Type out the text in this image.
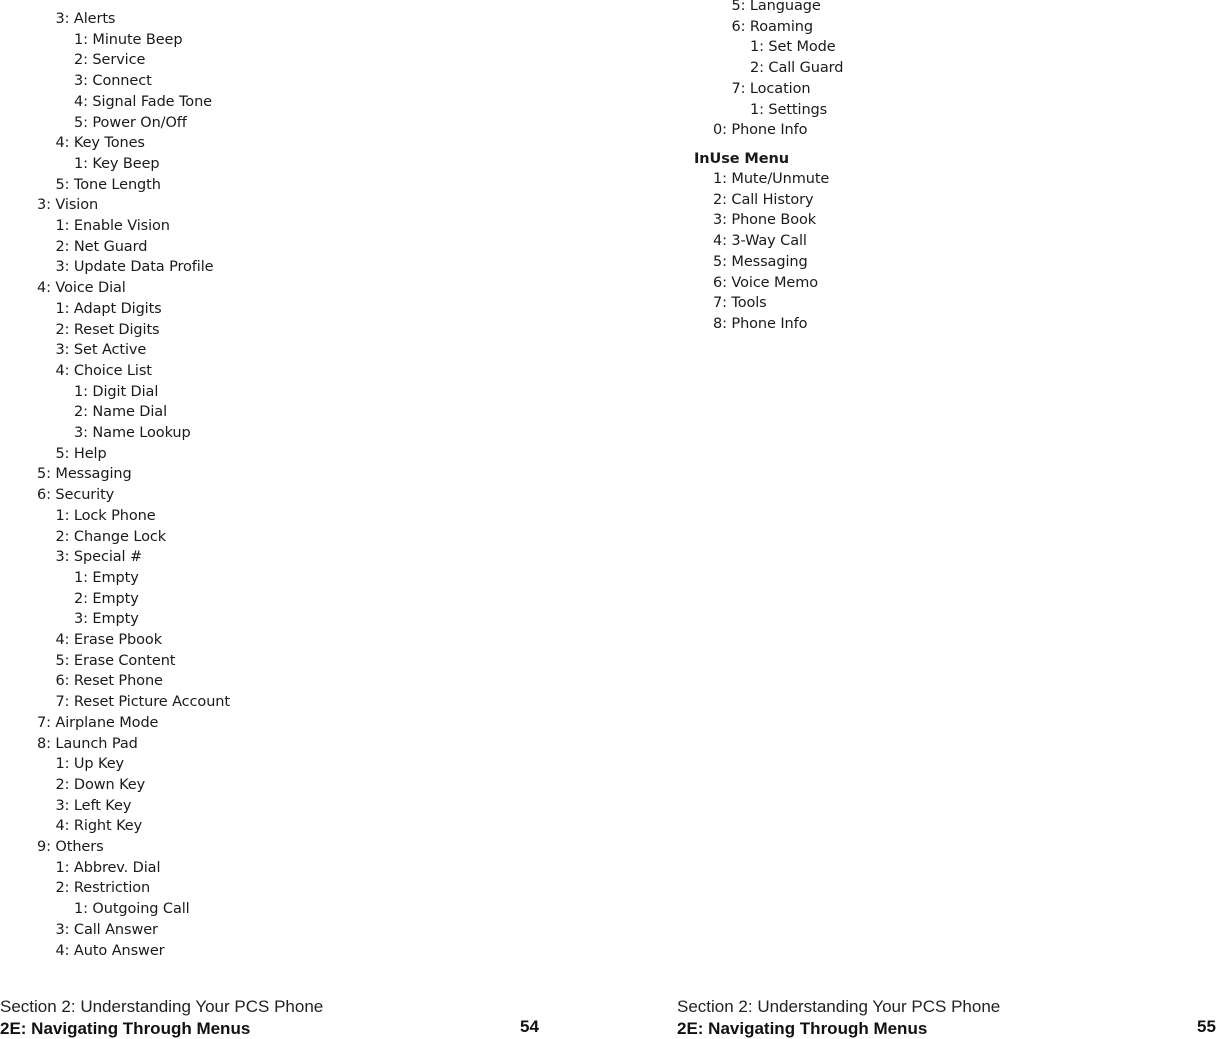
3: Alerts
1: Minute Beep
2: Service
3: Connect
4: Signal Fade Tone
5: Power On/Off
4: Key Tones
1: Key Beep
5: Tone Length
3: Vision
1: Enable Vision
2: Net Guard
3: Update Data Profile
4: Voice Dial
1: Adapt Digits
2: Reset Digits
3: Set Active
4: Choice List
1: Digit Dial
2: Name Dial
3: Name Lookup
5: Help
5: Messaging
6: Security
1: Lock Phone
2: Change Lock
3: Special #
1: Empty
2: Empty
3: Empty
4: Erase Pbook
5: Erase Content
6: Reset Phone
7: Reset Picture Account
7: Airplane Mode
8: Launch Pad
1: Up Key
2: Down Key
3: Left Key
4: Right Key
9: Others
1: Abbrev. Dial
2: Restriction
1: Outgoing Call
3: Call Answer
4: Auto Answer
5: Language
6: Roaming
1: Set Mode
2: Call Guard
7: Location
1: Settings
0: Phone Info
InUse Menu
1: Mute/Unmute
2: Call History
3: Phone Book
4: 3-Way Call
5: Messaging
6: Voice Memo
7: Tools
8: Phone Info
Section 2: Understanding Your PCS Phone
2E: Navigating Through Menus	54
Section 2: Understanding Your PCS Phone
2E: Navigating Through Menus	55
